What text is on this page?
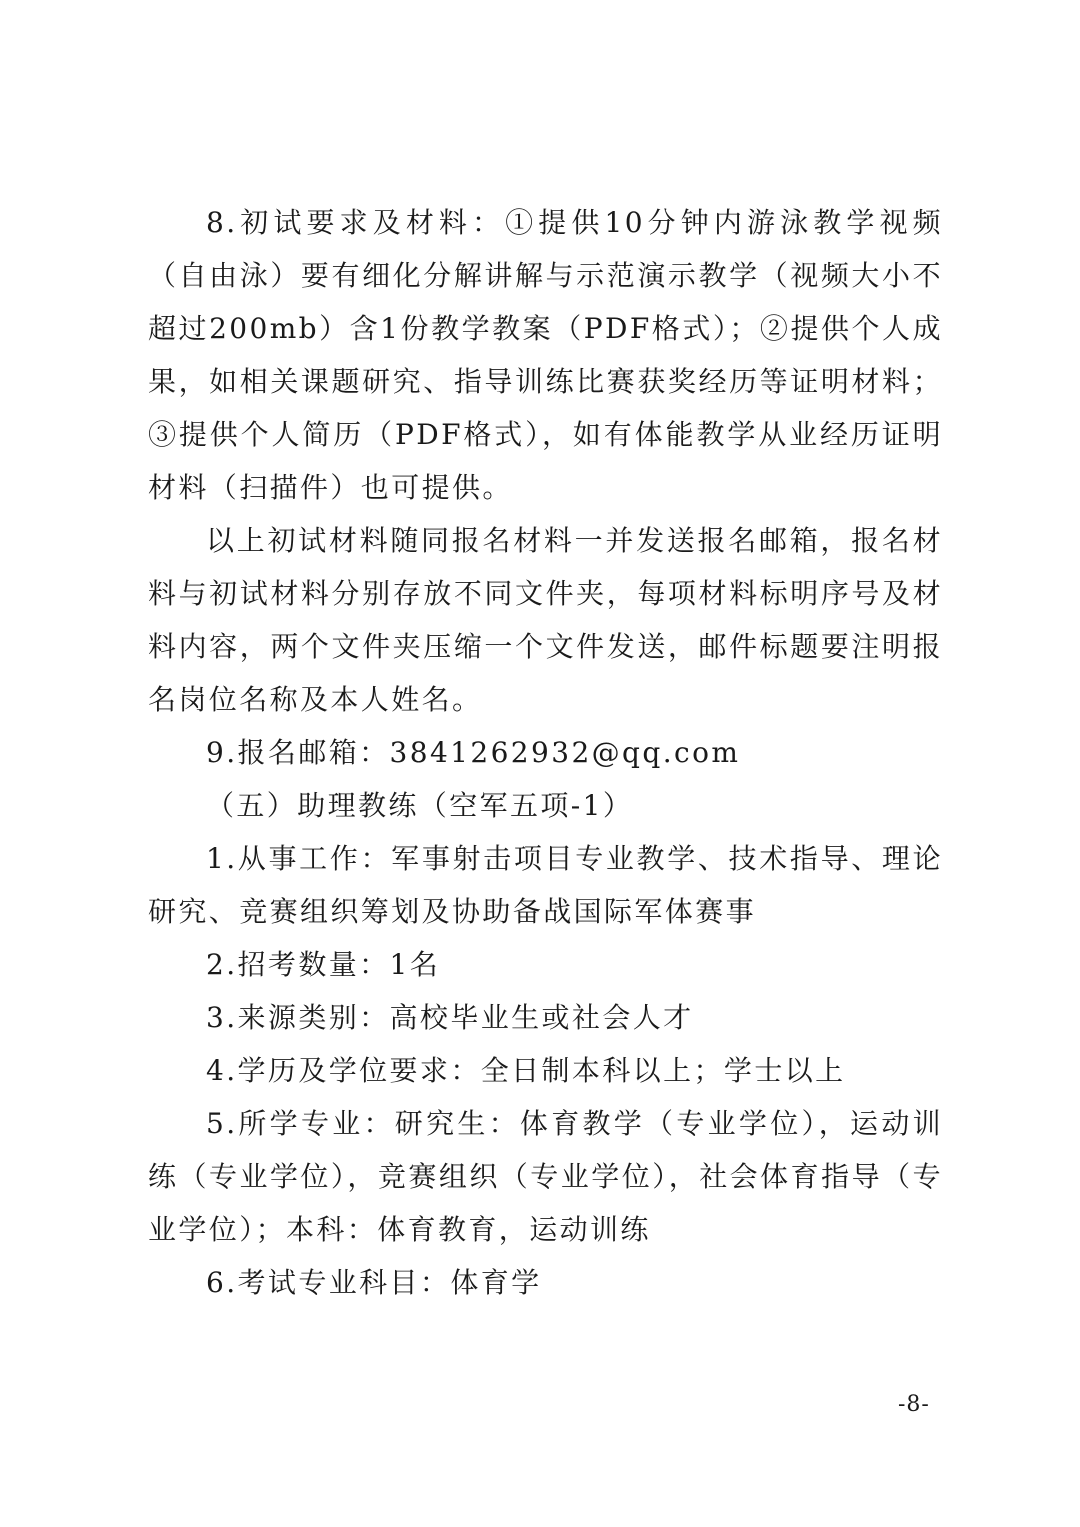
8.初试要求及材料：①提供10分钟内游泳教学视频（自由泳）要有细化分解讲解与示范演示教学（视频大小不超过200mb）含1份教学教案（PDF格式）；②提供个人成果，如相关课题研究、指导训练比赛获奖经历等证明材料；③提供个人简历（PDF格式），如有体能教学从业经历证明材料（扫描件）也可提供。

以上初试材料随同报名材料一并发送报名邮箱，报名材料与初试材料分别存放不同文件夹，每项材料标明序号及材料内容，两个文件夹压缩一个文件发送，邮件标题要注明报名岗位名称及本人姓名。

9.报名邮箱：3841262932@qq.com

（五）助理教练（空军五项-1）

1.从事工作：军事射击项目专业教学、技术指导、理论研究、竞赛组织筹划及协助备战国际军体赛事

2.招考数量：1名

3.来源类别：高校毕业生或社会人才

4.学历及学位要求：全日制本科以上；学士以上

5.所学专业：研究生：体育教学（专业学位），运动训练（专业学位），竞赛组织（专业学位），社会体育指导（专业学位）；本科：体育教育，运动训练

6.考试专业科目：体育学

-8-
